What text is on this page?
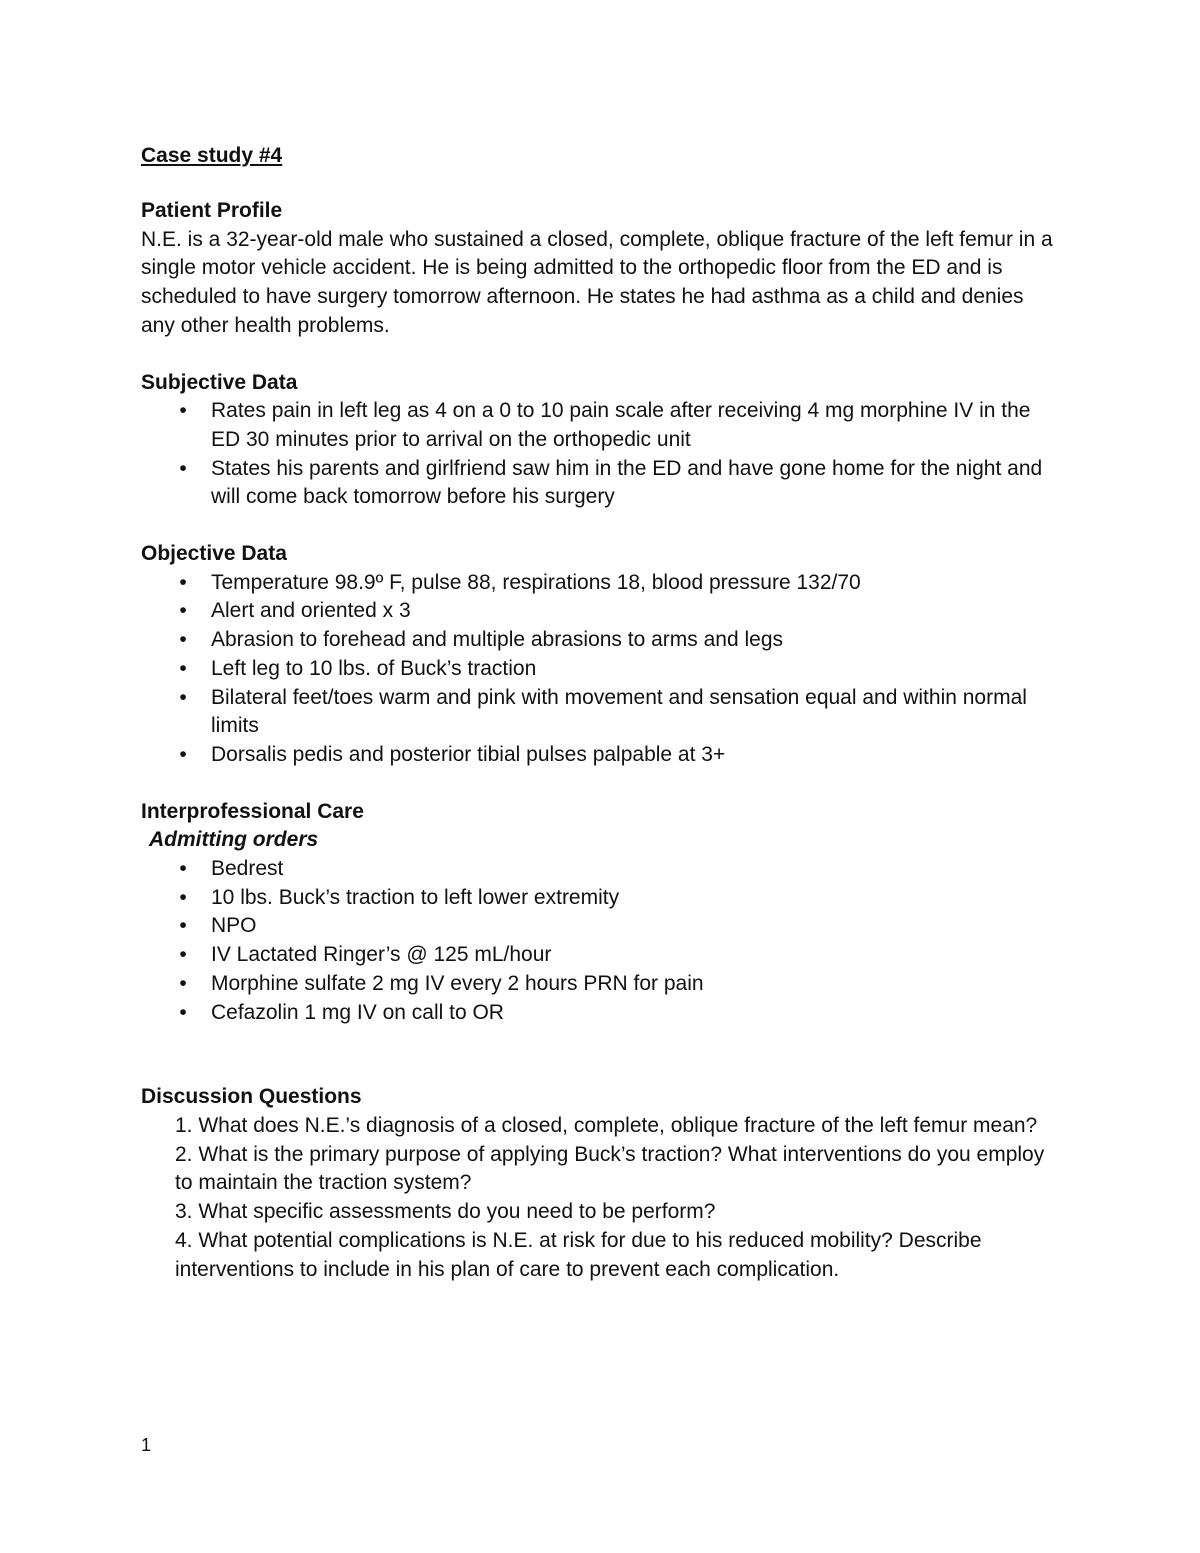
Case study #4

Patient Profile

N.E. is a 32-year-old male who sustained a closed, complete, oblique fracture of the left femur in a single motor vehicle accident. He is being admitted to the orthopedic floor from the ED and is scheduled to have surgery tomorrow afternoon. He states he had asthma as a child and denies any other health problems.

Subjective Data

•	Rates pain in left leg as 4 on a 0 to 10 pain scale after receiving 4 mg morphine IV in the ED 30 minutes prior to arrival on the orthopedic unit
•	States his parents and girlfriend saw him in the ED and have gone home for the night and will come back tomorrow before his surgery

Objective Data

•	Temperature 98.9º F, pulse 88, respirations 18, blood pressure 132/70
•	Alert and oriented x 3
•	Abrasion to forehead and multiple abrasions to arms and legs
•	Left leg to 10 lbs. of Buck’s traction
•	Bilateral feet/toes warm and pink with movement and sensation equal and within normal limits
•	Dorsalis pedis and posterior tibial pulses palpable at 3+

Interprofessional Care

Admitting orders

•	Bedrest
•	10 lbs. Buck’s traction to left lower extremity
•	NPO
•	IV Lactated Ringer’s @ 125 mL/hour
•	Morphine sulfate 2 mg IV every 2 hours PRN for pain
•	Cefazolin 1 mg IV on call to OR

Discussion Questions

1. What does N.E.’s diagnosis of a closed, complete, oblique fracture of the left femur mean?
2. What is the primary purpose of applying Buck’s traction? What interventions do you employ to maintain the traction system?
3. What specific assessments do you need to be perform?
4. What potential complications is N.E. at risk for due to his reduced mobility? Describe interventions to include in his plan of care to prevent each complication.
1
